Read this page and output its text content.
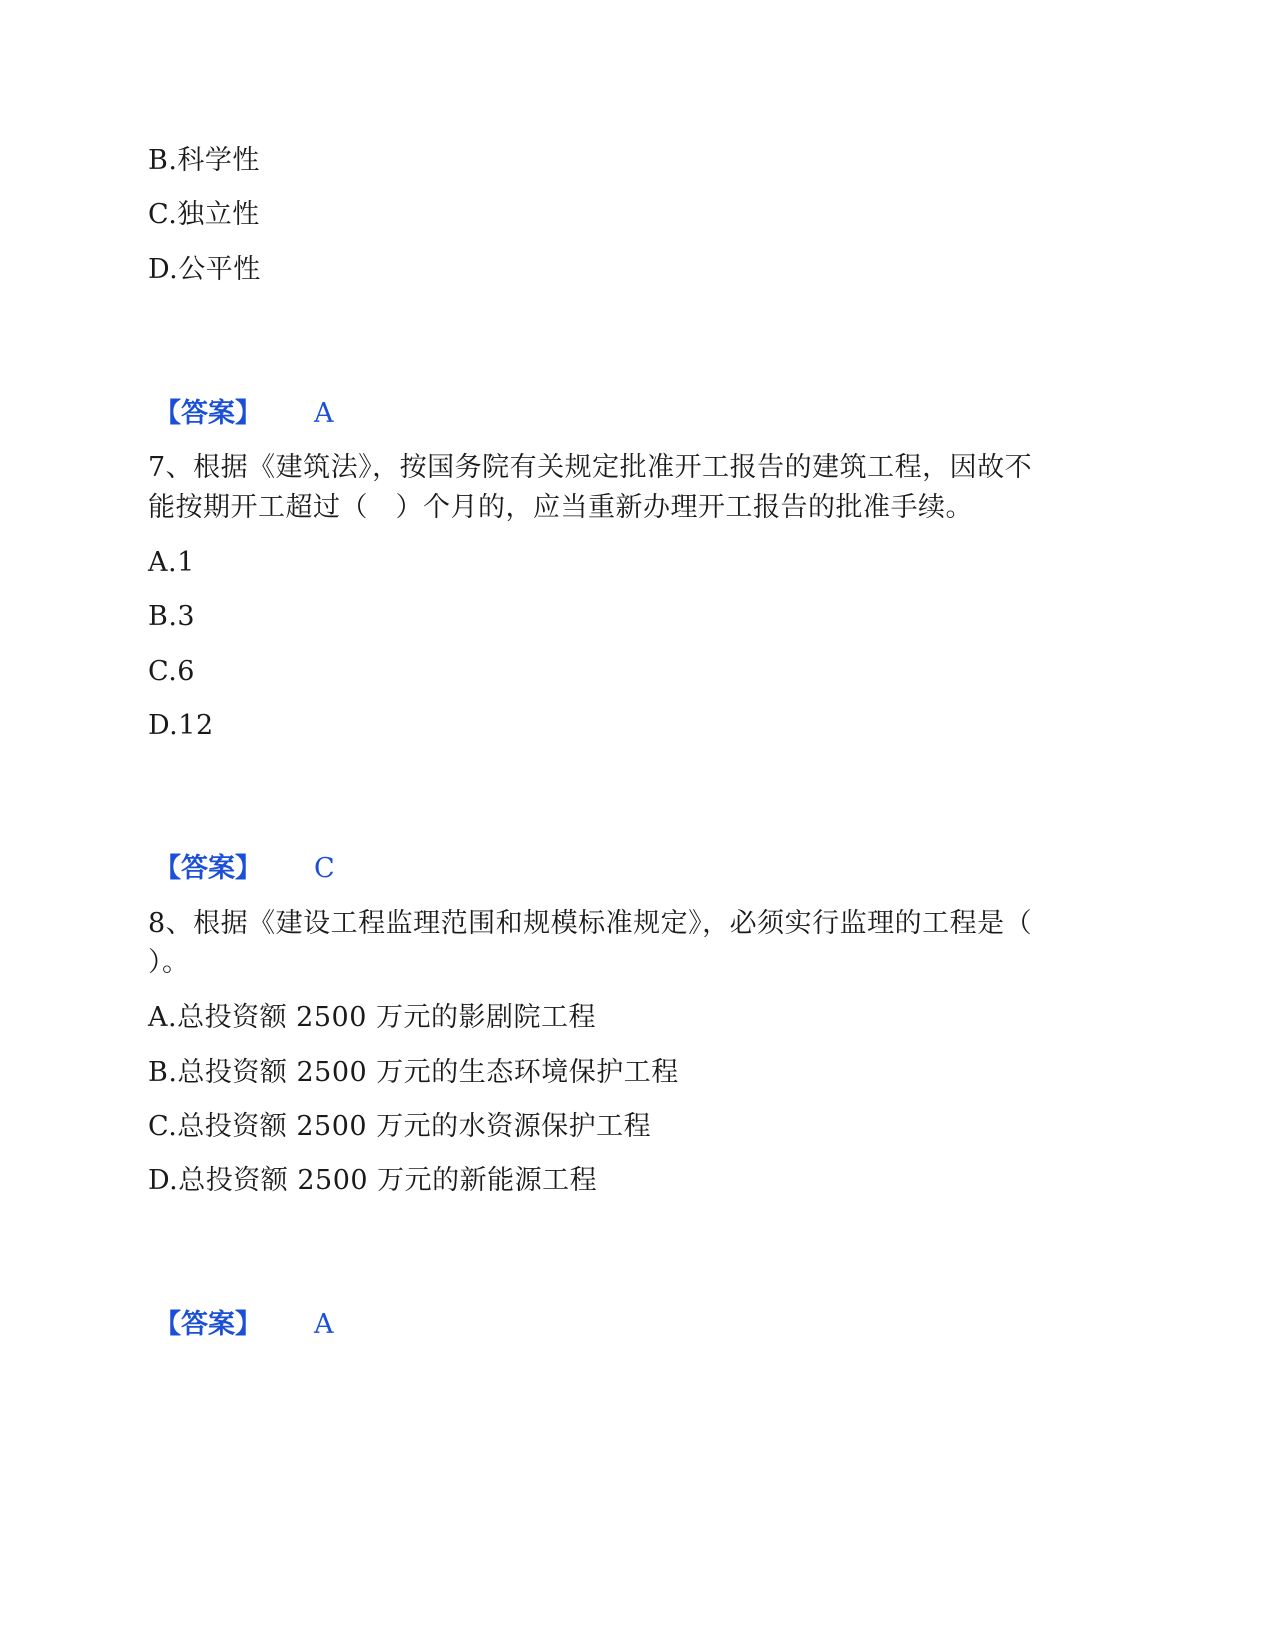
B.科学性
C.独立性
D.公平性
【答案】 A
7、根据《建筑法》，按国务院有关规定批准开工报告的建筑工程，因故不
能按期开工超过（　）个月的，应当重新办理开工报告的批准手续。
A.1
B.3
C.6
D.12
【答案】 C
8、根据《建设工程监理范围和规模标准规定》，必须实行监理的工程是（
）。
A.总投资额 2500 万元的影剧院工程
B.总投资额 2500 万元的生态环境保护工程
C.总投资额 2500 万元的水资源保护工程
D.总投资额 2500 万元的新能源工程
【答案】 A
